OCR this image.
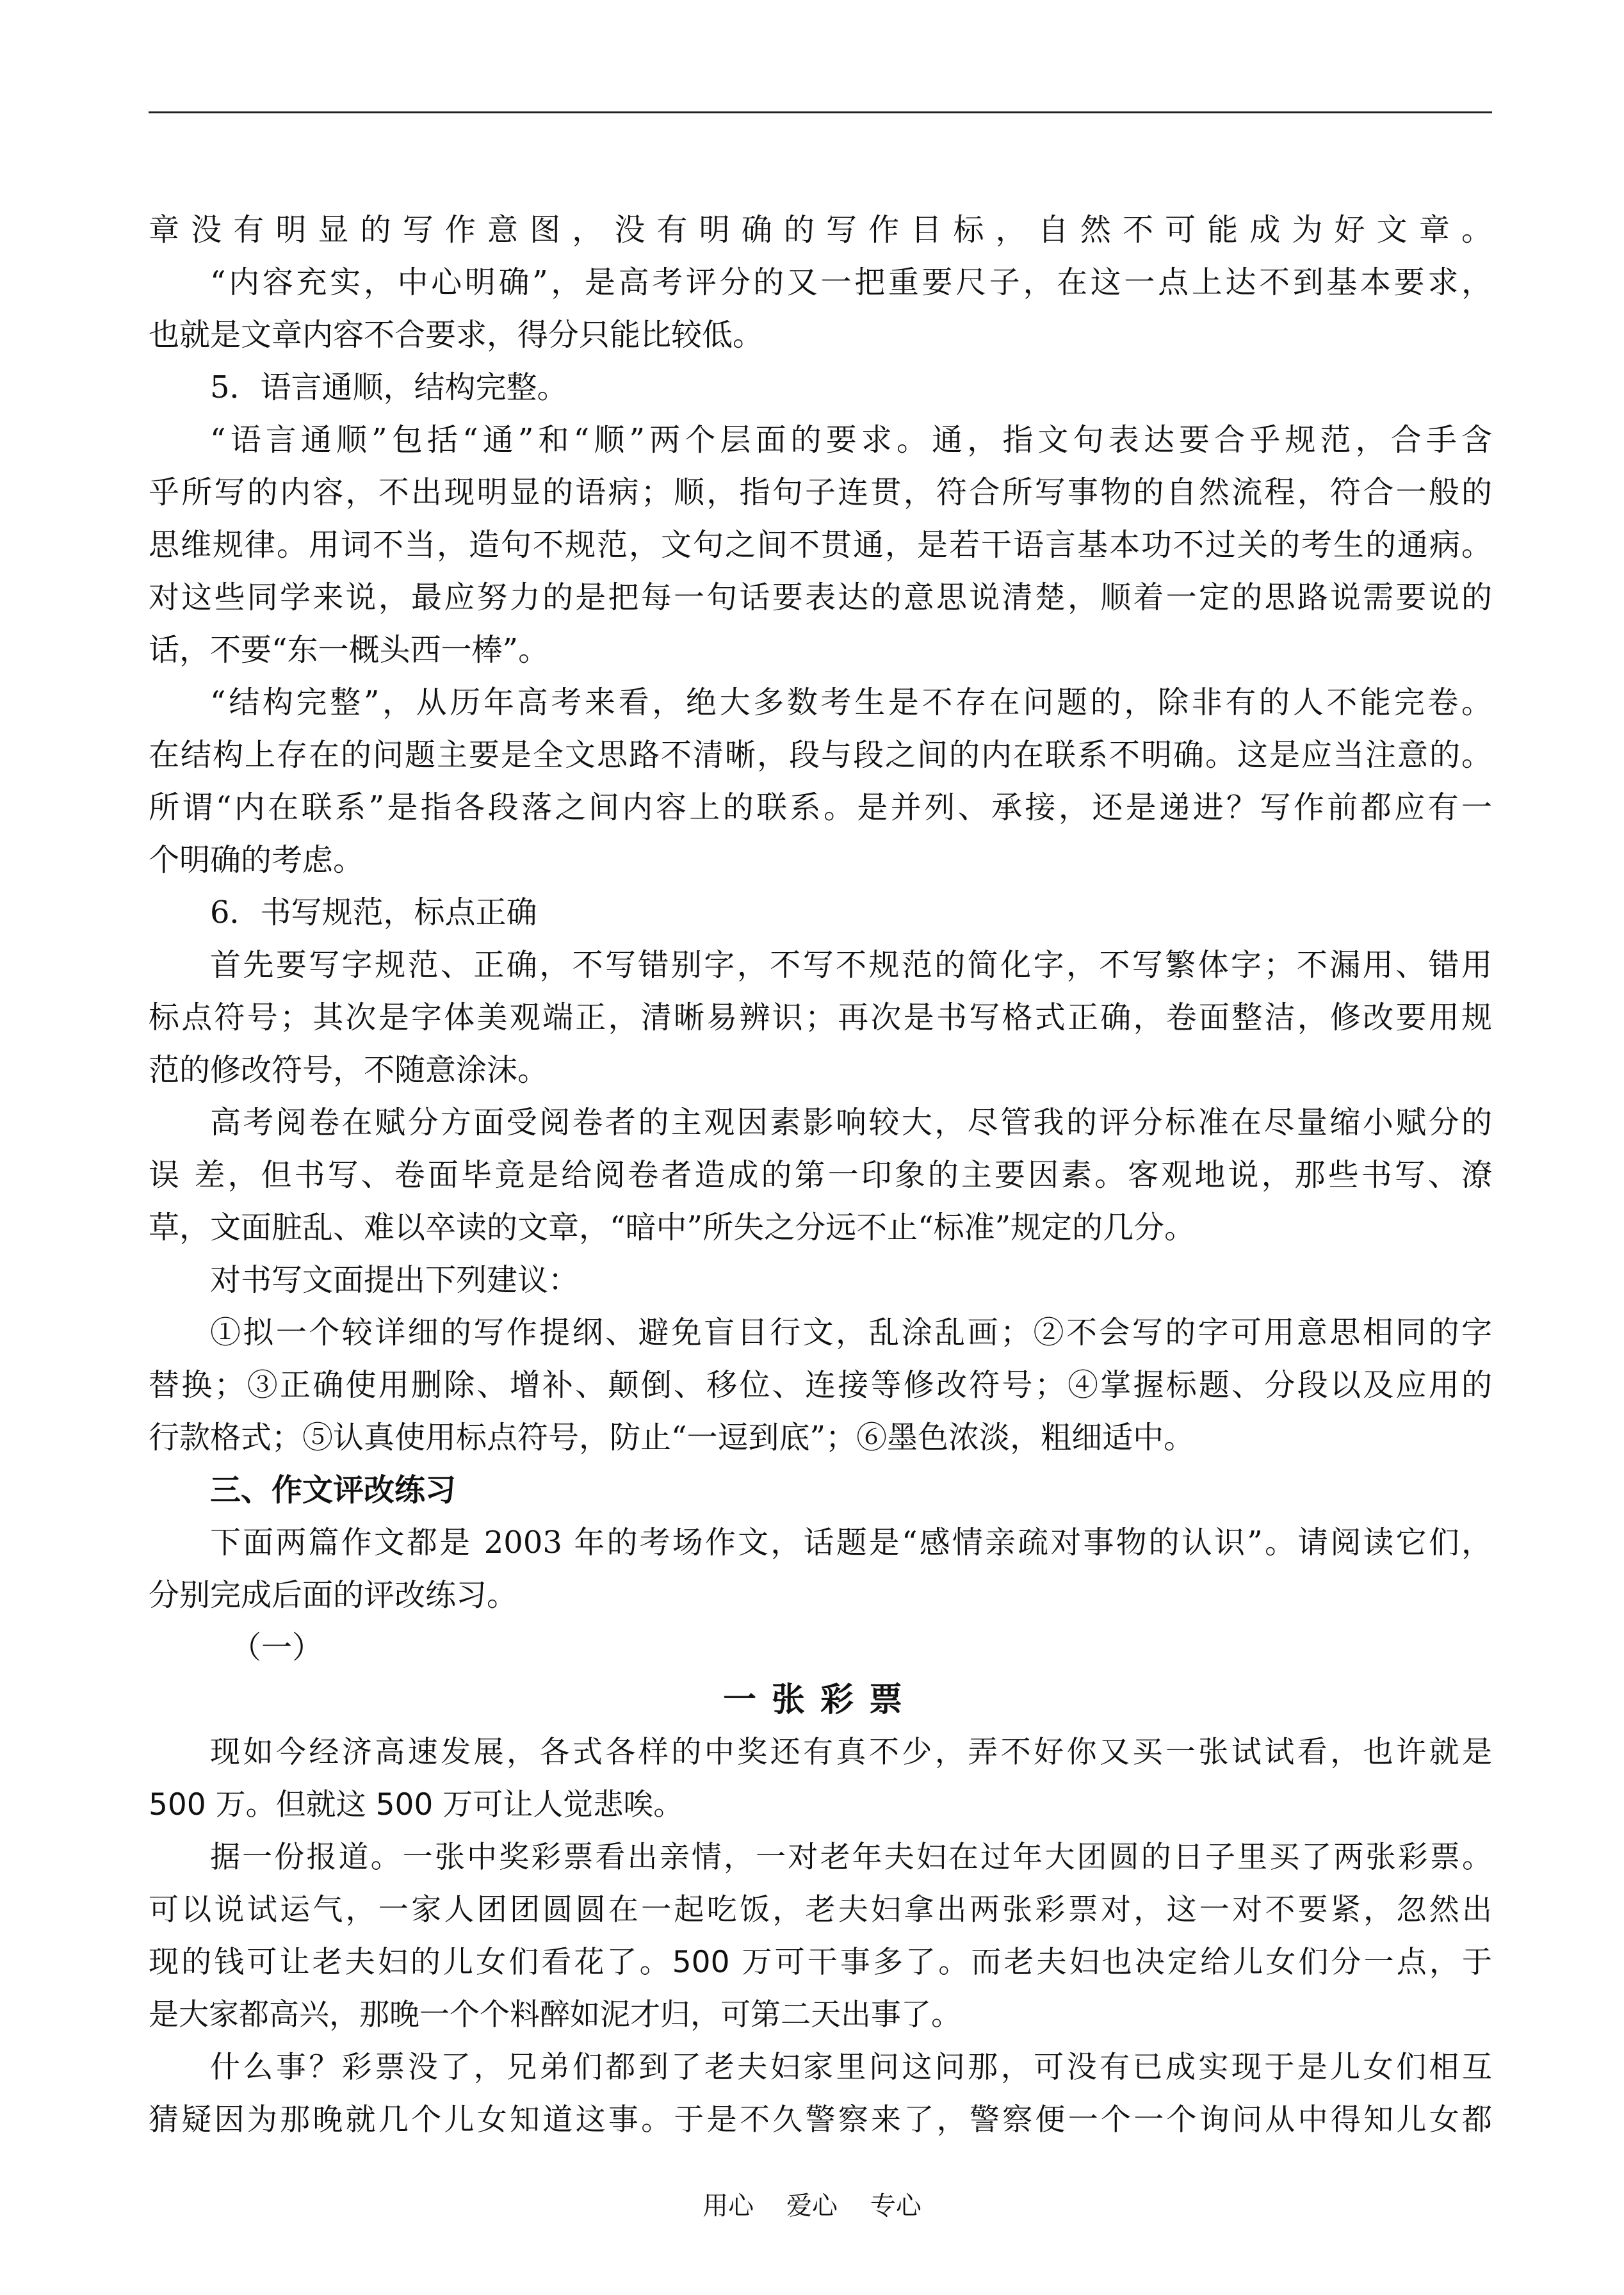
章没有明显的写作意图，没有明确的写作目标，自然不可能成为好文章。
“内容充实，中心明确”，是高考评分的又一把重要尺子，在这一点上达不到基本要求，
也就是文章内容不合要求，得分只能比较低。
5．语言通顺，结构完整。
“语言通顺”包括“通”和“顺”两个层面的要求。通，指文句表达要合乎规范，合手含
乎所写的内容，不出现明显的语病；顺，指句子连贯，符合所写事物的自然流程，符合一般的
思维规律。用词不当，造句不规范，文句之间不贯通，是若干语言基本功不过关的考生的通病。
对这些同学来说，最应努力的是把每一句话要表达的意思说清楚，顺着一定的思路说需要说的
话，不要“东一概头西一棒”。
“结构完整”，从历年高考来看，绝大多数考生是不存在问题的，除非有的人不能完卷。
在结构上存在的问题主要是全文思路不清晰，段与段之间的内在联系不明确。这是应当注意的。
所谓“内在联系”是指各段落之间内容上的联系。是并列、承接，还是递进？写作前都应有一
个明确的考虑。
6．书写规范，标点正确
首先要写字规范、正确，不写错别字，不写不规范的简化字，不写繁体字；不漏用、错用
标点符号；其次是字体美观端正，清晰易辨识；再次是书写格式正确，卷面整洁，修改要用规
范的修改符号，不随意涂沫。
高考阅卷在赋分方面受阅卷者的主观因素影响较大，尽管我的评分标准在尽量缩小赋分的
误 差，但书写、卷面毕竟是给阅卷者造成的第一印象的主要因素。客观地说，那些书写、潦
草，文面脏乱、难以卒读的文章，“暗中”所失之分远不止“标准”规定的几分。
对书写文面提出下列建议：
①拟一个较详细的写作提纲、避免盲目行文，乱涂乱画；②不会写的字可用意思相同的字
替换；③正确使用删除、增补、颠倒、移位、连接等修改符号；④掌握标题、分段以及应用的
行款格式；⑤认真使用标点符号，防止“一逗到底”；⑥墨色浓淡，粗细适中。
三、作文评改练习
下面两篇作文都是 2003 年的考场作文，话题是“感情亲疏对事物的认识”。请阅读它们，
分别完成后面的评改练习。
（一）
一张彩票
现如今经济高速发展，各式各样的中奖还有真不少，弄不好你又买一张试试看，也许就是
500 万。但就这 500 万可让人觉悲唉。
据一份报道。一张中奖彩票看出亲情，一对老年夫妇在过年大团圆的日子里买了两张彩票。
可以说试运气，一家人团团圆圆在一起吃饭，老夫妇拿出两张彩票对，这一对不要紧，忽然出
现的钱可让老夫妇的儿女们看花了。500 万可干事多了。而老夫妇也决定给儿女们分一点，于
是大家都高兴，那晚一个个料醉如泥才归，可第二天出事了。
什么事？彩票没了，兄弟们都到了老夫妇家里问这问那，可没有已成实现于是儿女们相互
猜疑因为那晚就几个儿女知道这事。于是不久警察来了，警察便一个一个询问从中得知儿女都
用心    爱心    专心
